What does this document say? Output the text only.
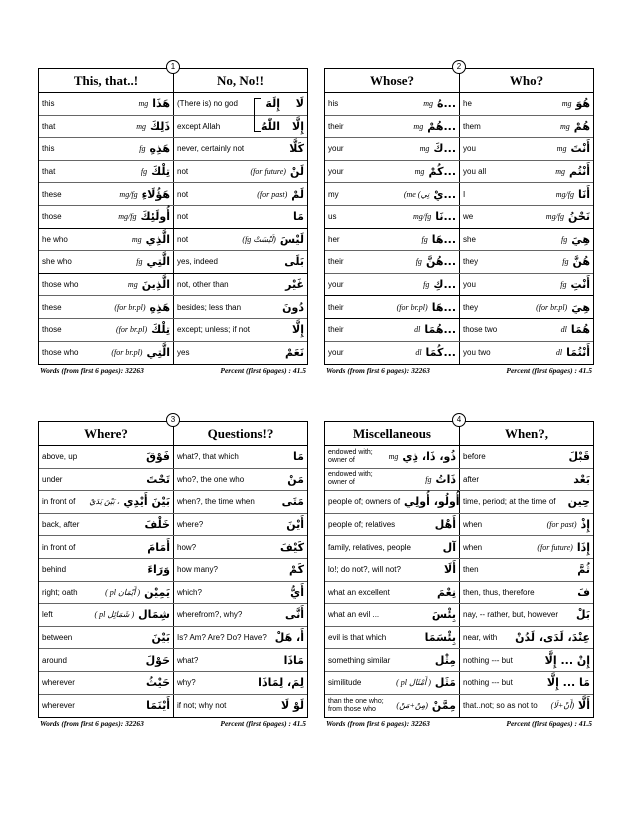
1
This, that..!	No, No!!
this	mg هَذَا (There is) no god	إِلَهَ لَا
that	mg ذَلِكَ except Allah	اللّٰهُ إِلَّا
this	fg هَذِهِ never, certainly not	كَلَّا
that	fg تِلْكَ not	(for future) لَنْ
these	mg/fg هَؤُلَاءِ not	(for past) لَمْ
those	mg/fg أُولَئِكَ not	مَا
he who	mg الَّذِي not	(fg لَيْسَتْ) لَيْسَ
she who	fg الَّتِي yes, indeed	بَلَى
those who	mg الَّذِينَ not, other than	غَيْر
these	(for br.pl) هَذِهِ besides; less than	دُونَ
those	(for br.pl) تِلْكَ except; unless; if not	إِلَّا
those who	(for br.pl) الَّتِي yes	نَعَمْ
Words (from first 6 pages): 32263	Percent (first 6pages) : 41.5
2
Whose?	Who?
his	mg ...هُ he	mg هُوَ
their	mg ...هُمْ them	mg هُمْ
your	mg ...كَ you	mg أَنْتَ
your	mg ...كُمْ you all	mg أَنْتُم
my	(me (نِي ...يْ I	mg/fg أَنَا
us	mg/fg ...نَا we	mg/fg نَحْنُ
her	fg ...هَا she	fg هِيَ
their	fg ...هُنَّ they	fg هُنَّ
your	fg ...كِ you	fg أَنْتِ
their	(for br.pl) ...هَا they	(for br.pl) هِيَ
their	dl ...هُمَا those two	dl هُمَا
your	dl ...كُمَا you two	dl أَنْتُمَا
Words (from first 6 pages): 32263	Percent (first 6pages) : 41.5
3
Where?	Questions!?
above, up	فَوْقَ what?, that which	مَا
under	تَحْتَ who?, the one who	مَنْ
in front of بَيْنَ يَدَيْ ، بَيْنَ أَيْدِي when?, the time when مَتَى
back, after	خَلْفَ where?	أَيْنَ
in front of	أَمَامَ how?	كَيْفَ
behind	وَرَاءَ how many?	كَمْ
right; oath	( pl أَيْمَان ) يَمِيْن which?	أَيُّ
left	( pl شَمَائِل ) شِمَال wherefrom?, why?	أَنَّى
between	بَيْنَ Is? Am? Are? Do? Have? أَ، هَلْ
around	حَوْلَ what?	مَاذَا
wherever	حَيْثُ why?	لِمَ، لِمَاذَا
wherever	أَيْنَمَا if not; why not	لَوْ لَا
Words (from first 6 pages): 32263	Percent (first 6pages) : 41.5
4
Miscellaneous	When?,
endowed with; owner of	mg ذُو، ذَا، ذِي before	قَبْلَ
endowed with; owner of	fg ذَاتُ after	بَعْد
people of; owners of أُولُو، أُولِي time, period; at the time of حِين
people of; relatives	أَهْل when	(for past) إِذْ
family, relatives, people	آل when	(for future) إِذَا
lo!; do not?, will not?	أَلَا then	ثُمَّ
what an excellent	نِعْمَ then, thus, therefore	فَ
what an evil ...	بِئْسَ nay, -- rather, but, however بَلْ
evil is that which	بِئْسَمَا near, with عِنْدَ، لَدَى، لَدُنْ
something similar	مِثْل nothing --- but	إِنْ ... إِلَّا
similitude	( pl أَمْثَال ) مَثَل nothing --- but	مَا ... إِلَّا
than the one who; from those who	(مِنْ+مَنْ) مِمَّنْ that..not; so as not to (أَنْ+لَا) أَلَّا
Words (from first 6 pages): 32263	Percent (first 6pages) : 41.5
